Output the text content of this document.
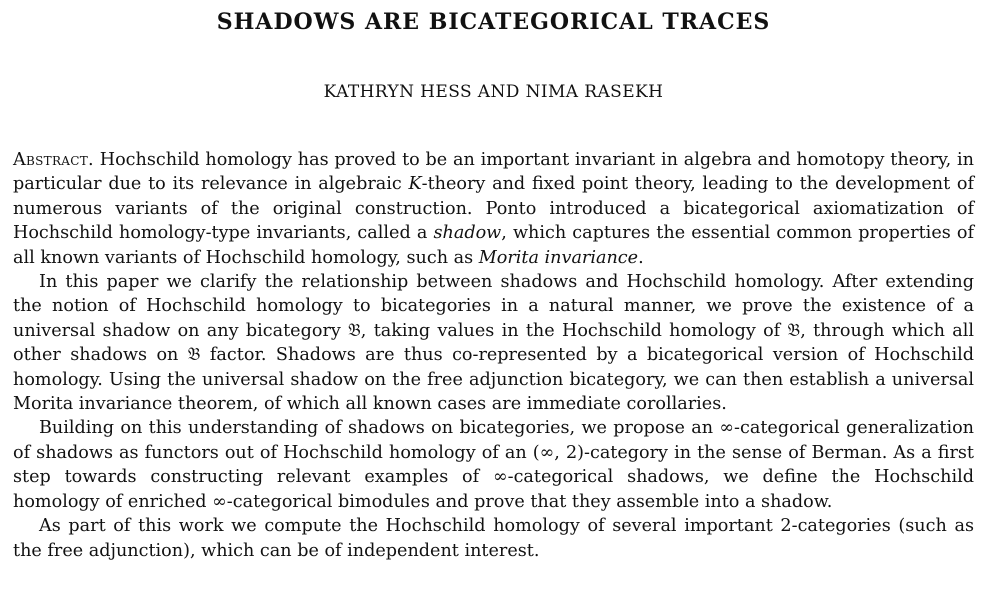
SHADOWS ARE BICATEGORICAL TRACES
KATHRYN HESS AND NIMA RASEKH

Abstract. Hochschild homology has proved to be an important invariant in algebra and homotopy theory, in particular due to its relevance in algebraic K-theory and fixed point theory, leading to the development of numerous variants of the original construction. Ponto introduced a bicategorical axiomatization of Hochschild homology-type invariants, called a shadow, which captures the essential common properties of all known variants of Hochschild homology, such as Morita invariance.

In this paper we clarify the relationship between shadows and Hochschild homology. After extending the notion of Hochschild homology to bicategories in a natural manner, we prove the existence of a universal shadow on any bicategory 𝔅, taking values in the Hochschild homology of 𝔅, through which all other shadows on 𝔅 factor. Shadows are thus co-represented by a bicategorical version of Hochschild homology. Using the universal shadow on the free adjunction bicategory, we can then establish a universal Morita invariance theorem, of which all known cases are immediate corollaries.

Building on this understanding of shadows on bicategories, we propose an ∞-categorical generalization of shadows as functors out of Hochschild homology of an (∞, 2)-category in the sense of Berman. As a first step towards constructing relevant examples of ∞-categorical shadows, we define the Hochschild homology of enriched ∞-categorical bimodules and prove that they assemble into a shadow.

As part of this work we compute the Hochschild homology of several important 2-categories (such as the free adjunction), which can be of independent interest.
